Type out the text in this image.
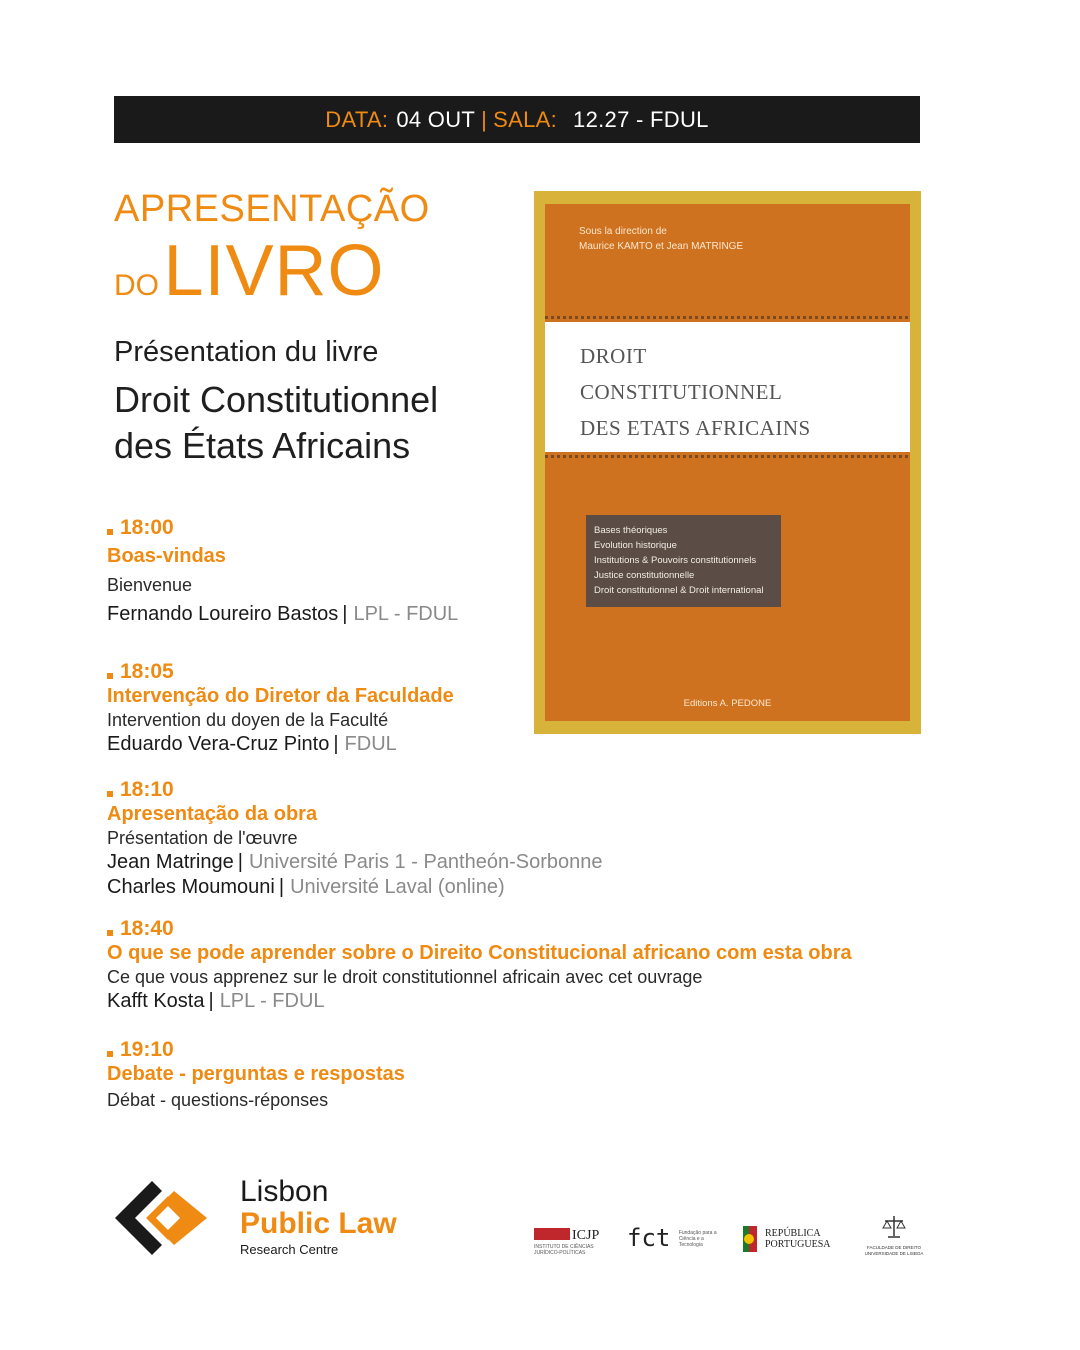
DATA: 04 OUT | SALA: 12.27 - FDUL
APRESENTAÇÃO
DO LIVRO
Présentation du livre
Droit Constitutionnel
des États Africains
Sous la direction de
Maurice KAMTO et Jean MATRINGE
DROIT
CONSTITUTIONNEL
DES ETATS AFRICAINS
Bases théoriques
Evolution historique
Institutions & Pouvoirs constitutionnels
Justice constitutionnelle
Droit constitutionnel & Droit international
Editions A. PEDONE
18:00
Boas-vindas
Bienvenue
Fernando Loureiro Bastos | LPL - FDUL
18:05
Intervenção do Diretor da Faculdade
Intervention du doyen de la Faculté
Eduardo Vera-Cruz Pinto | FDUL
18:10
Apresentação da obra
Présentation de l'œuvre
Jean Matringe | Université Paris 1 - Pantheón-Sorbonne
Charles Moumouni | Université Laval (online)
18:40
O que se pode aprender sobre o Direito Constitucional africano com esta obra
Ce que vous apprenez sur le droit constitutionnel africain avec cet ouvrage
Kafft Kosta | LPL - FDUL
19:10
Debate - perguntas e respostas
Débat - questions-réponses
Lisbon
Public Law
Research Centre
ICJP
INSTITUTO DE CIÊNCIAS JURÍDICO-POLÍTICAS
fct Fundação para a Ciência e a Tecnologia
REPÚBLICA
PORTUGUESA	FACULDADE DE DIREITO
UNIVERSIDADE DE LISBOA
